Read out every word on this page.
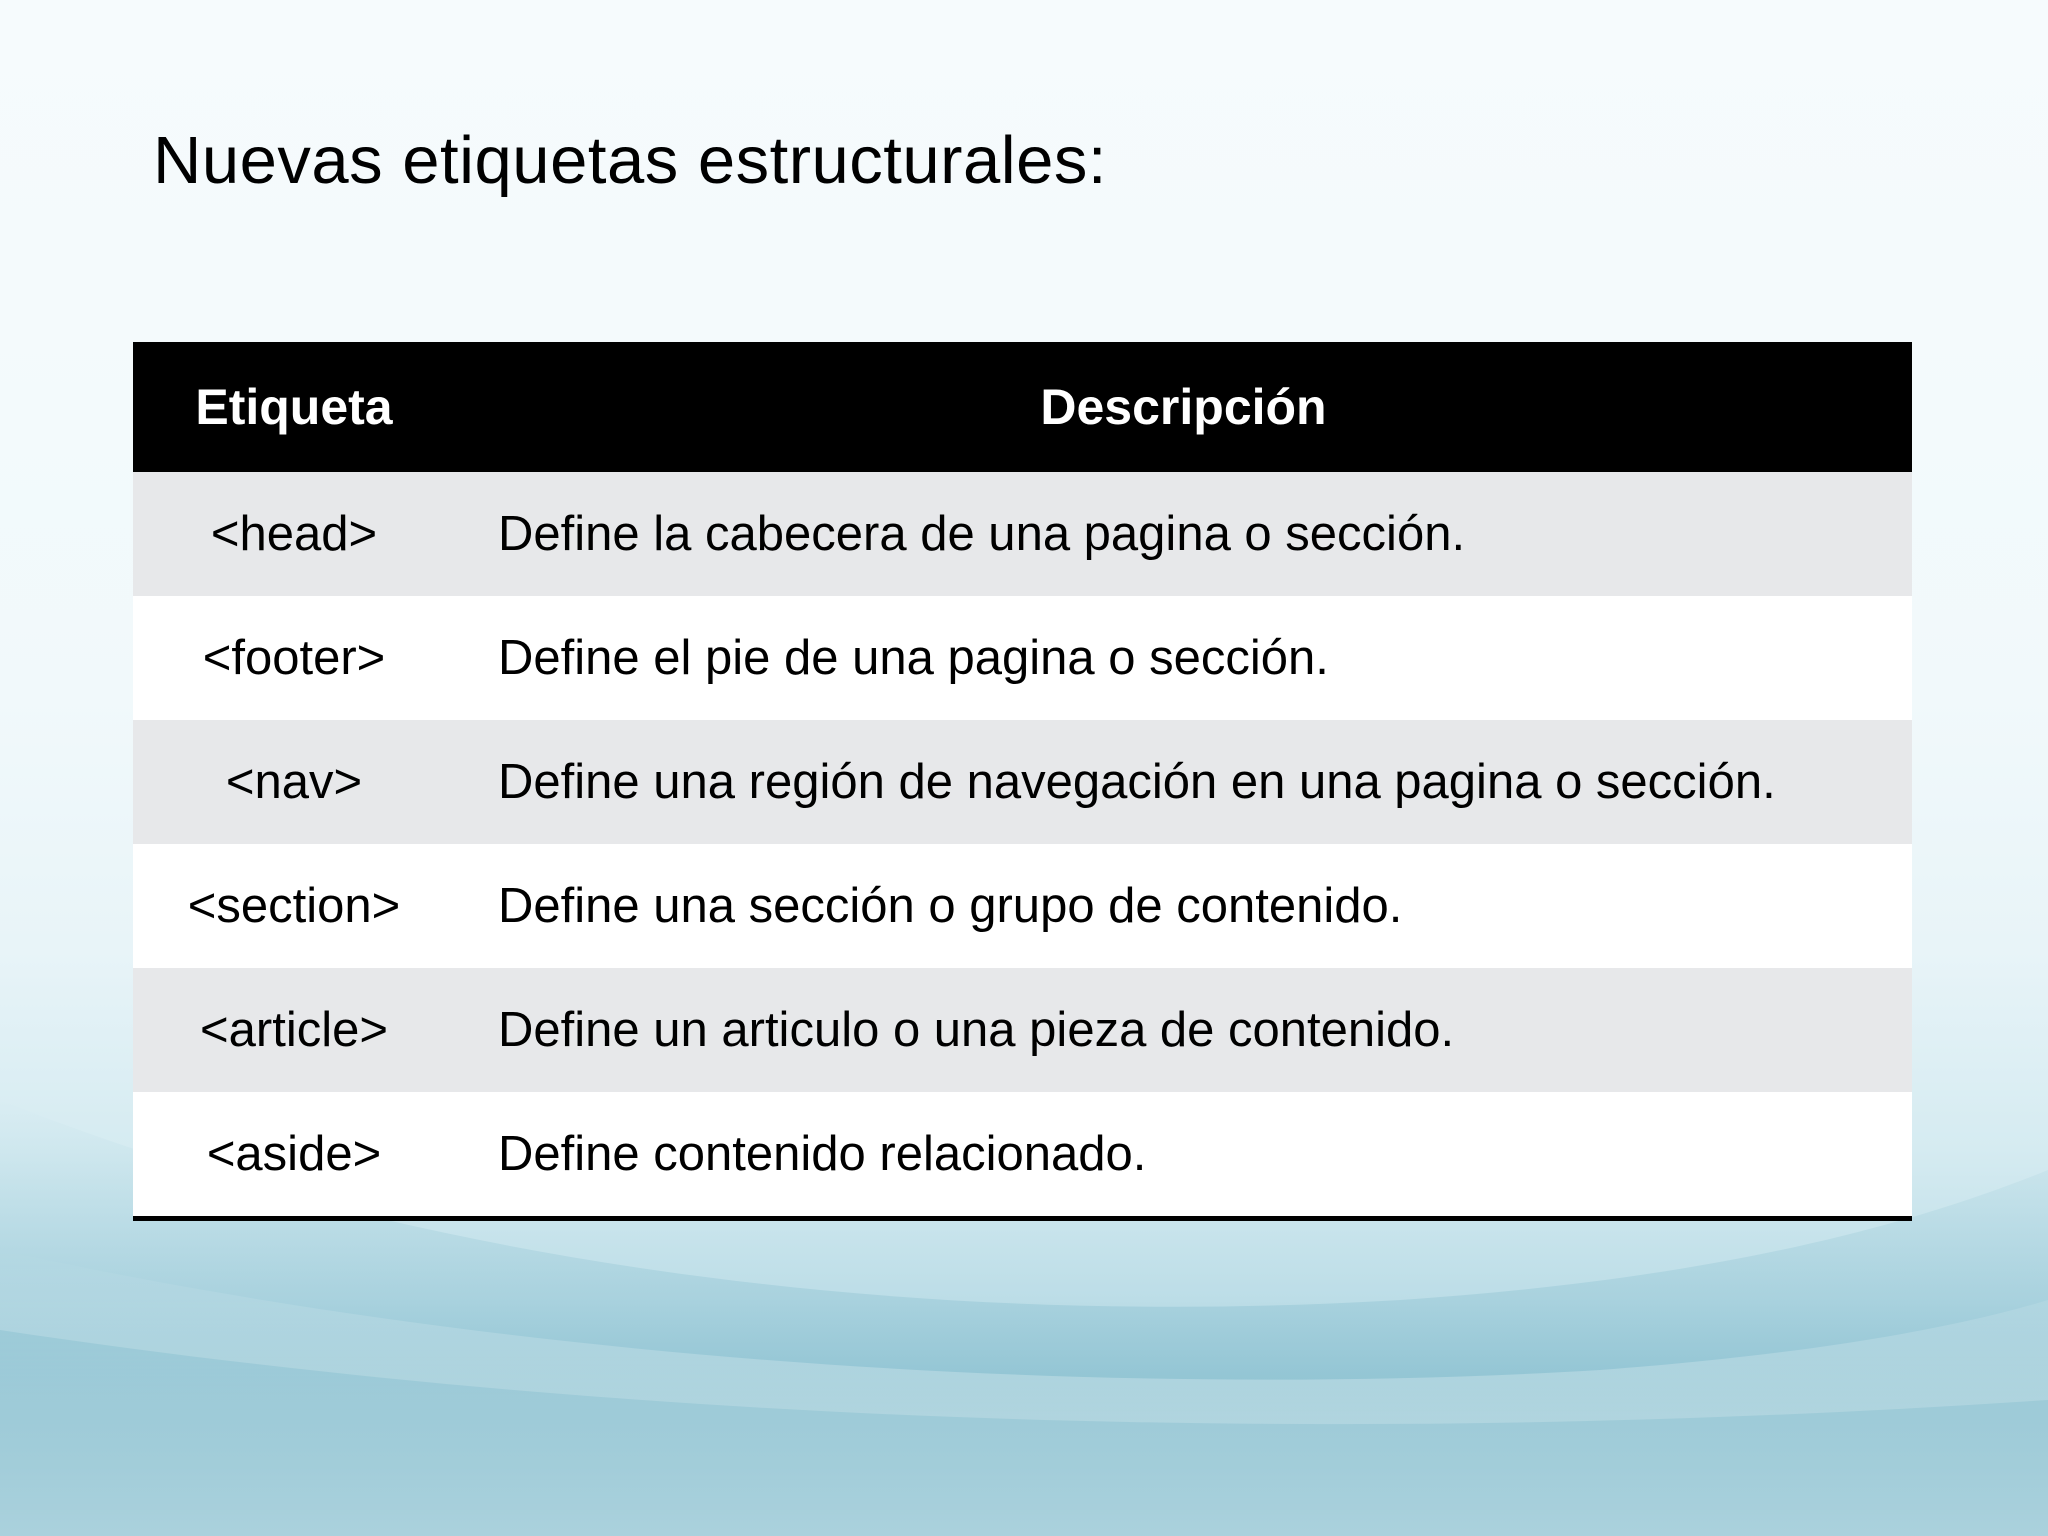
Nuevas etiquetas estructurales:
Etiqueta	Descripción
<head>	Define la cabecera de una pagina o sección.
<footer>	Define el pie de una pagina o sección.
<nav>	Define una región de navegación en una pagina o sección.
<section>	Define una sección o grupo de contenido.
<article>	Define un articulo o una pieza de contenido.
<aside>	Define contenido relacionado.
